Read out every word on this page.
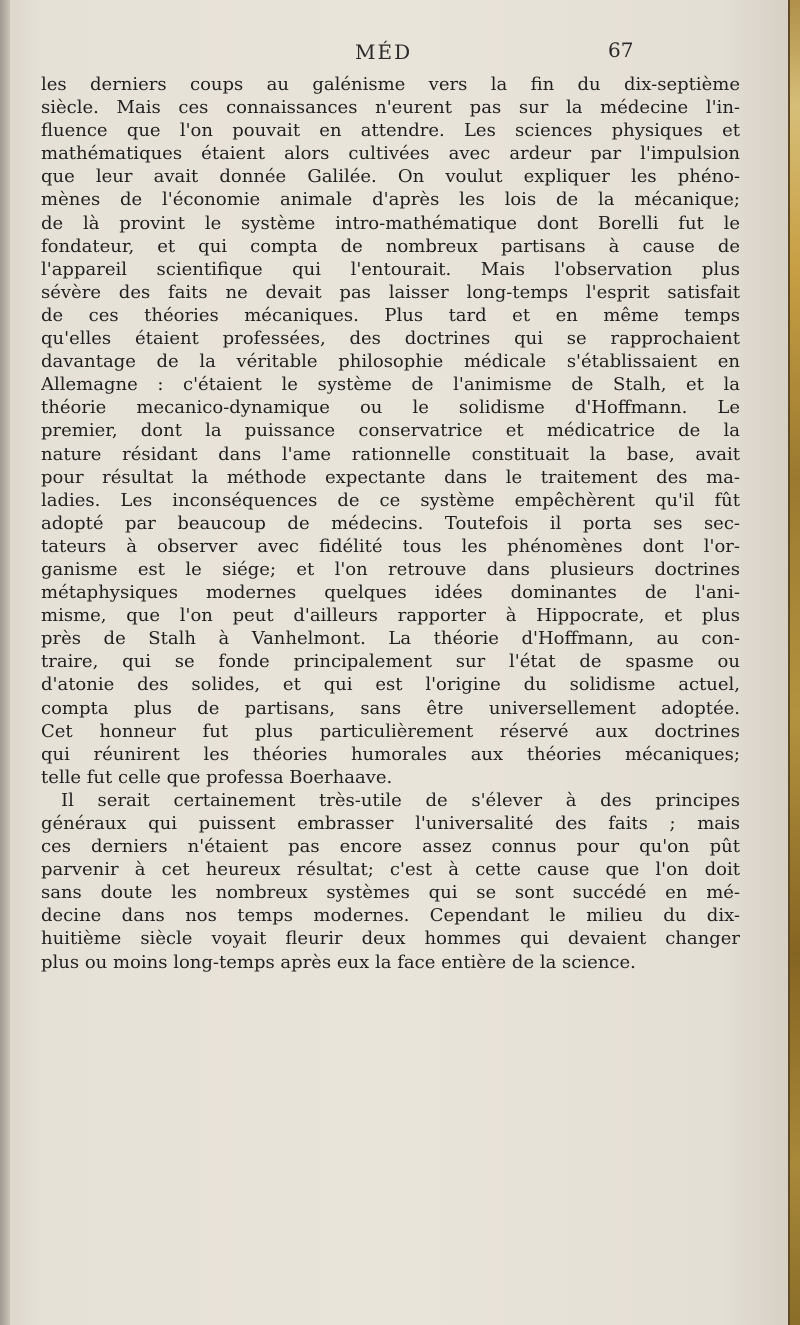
MÉD	67
les derniers coups au galénisme vers la fin du dix-septième
siècle. Mais ces connaissances n'eurent pas sur la médecine l'in-
fluence que l'on pouvait en attendre. Les sciences physiques et
mathématiques étaient alors cultivées avec ardeur par l'impulsion
que leur avait donnée Galilée. On voulut expliquer les phéno-
mènes de l'économie animale d'après les lois de la mécanique;
de là provint le système intro-mathématique dont Borelli fut le
fondateur, et qui compta de nombreux partisans à cause de
l'appareil scientifique qui l'entourait. Mais l'observation plus
sévère des faits ne devait pas laisser long-temps l'esprit satisfait
de ces théories mécaniques. Plus tard et en même temps
qu'elles étaient professées, des doctrines qui se rapprochaient
davantage de la véritable philosophie médicale s'établissaient en
Allemagne : c'étaient le système de l'animisme de Stalh, et la
théorie mecanico-dynamique ou le solidisme d'Hoffmann. Le
premier, dont la puissance conservatrice et médicatrice de la
nature résidant dans l'ame rationnelle constituait la base, avait
pour résultat la méthode expectante dans le traitement des ma-
ladies. Les inconséquences de ce système empêchèrent qu'il fût
adopté par beaucoup de médecins. Toutefois il porta ses sec-
tateurs à observer avec fidélité tous les phénomènes dont l'or-
ganisme est le siége; et l'on retrouve dans plusieurs doctrines
métaphysiques modernes quelques idées dominantes de l'ani-
misme, que l'on peut d'ailleurs rapporter à Hippocrate, et plus
près de Stalh à Vanhelmont. La théorie d'Hoffmann, au con-
traire, qui se fonde principalement sur l'état de spasme ou
d'atonie des solides, et qui est l'origine du solidisme actuel,
compta plus de partisans, sans être universellement adoptée.
Cet honneur fut plus particulièrement réservé aux doctrines
qui réunirent les théories humorales aux théories mécaniques;
telle fut celle que professa Boerhaave.
Il serait certainement très-utile de s'élever à des principes
généraux qui puissent embrasser l'universalité des faits ; mais
ces derniers n'étaient pas encore assez connus pour qu'on pût
parvenir à cet heureux résultat; c'est à cette cause que l'on doit
sans doute les nombreux systèmes qui se sont succédé en mé-
decine dans nos temps modernes. Cependant le milieu du dix-
huitième siècle voyait fleurir deux hommes qui devaient changer
plus ou moins long-temps après eux la face entière de la science.
